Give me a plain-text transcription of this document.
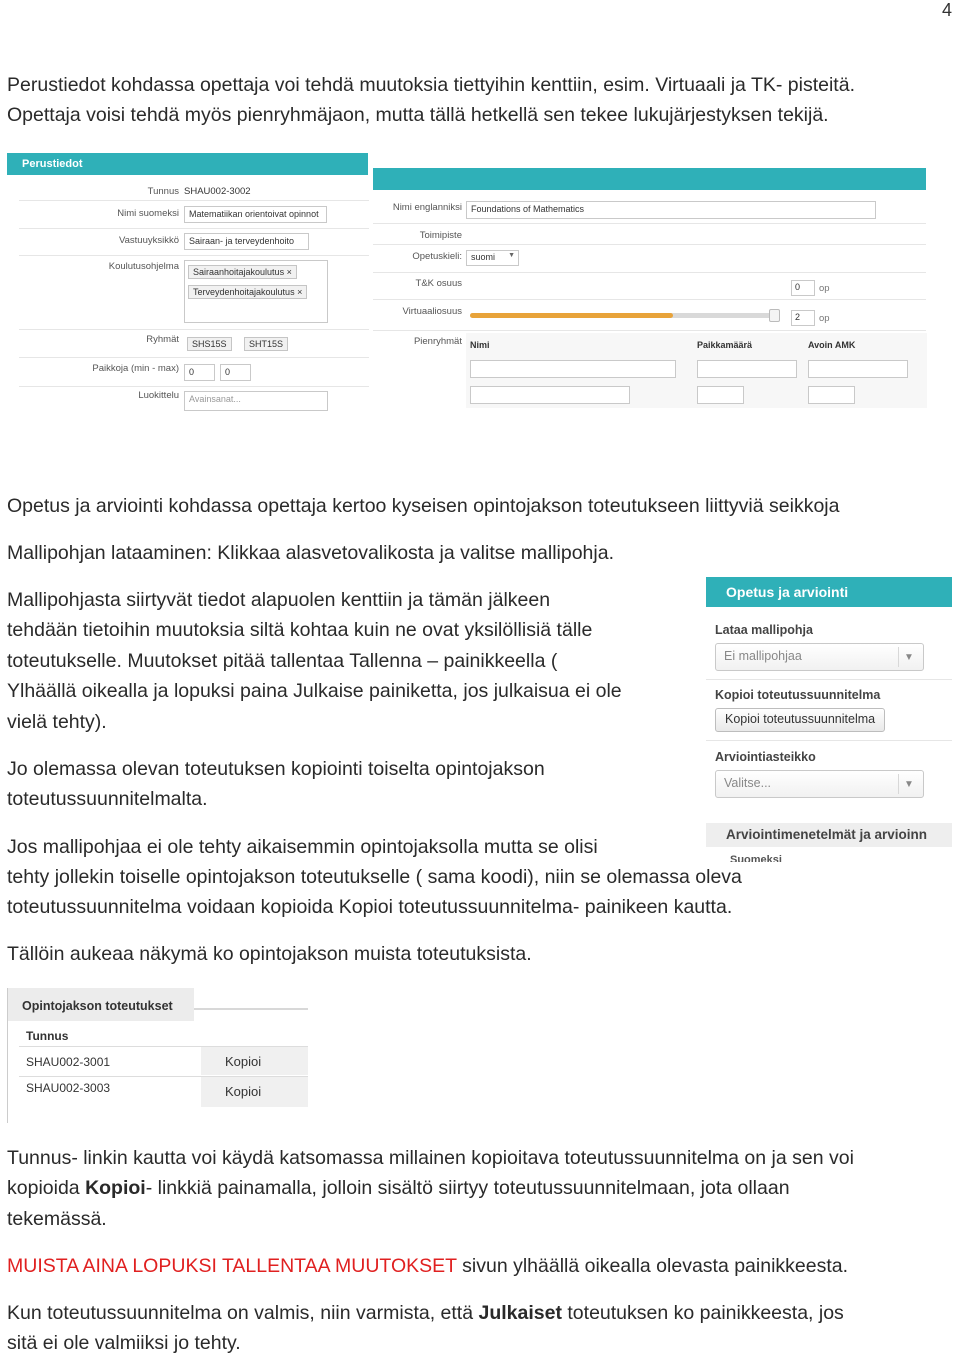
4
Perustiedot kohdassa opettaja voi tehdä muutoksia tiettyihin kenttiin, esim. Virtuaali ja TK- pisteitä.
Opettaja voisi tehdä myös pienryhmäjaon, mutta tällä hetkellä sen tekee lukujärjestyksen tekijä.
Perustiedot
Tunnus SHAU002-3002
Nimi suomeksi	Matematiikan orientoivat opinnot
Vastuuyksikkö	Sairaan- ja terveydenhoito
Koulutusohjelma	Sairaanhoitajakoulutus ×
Terveydenhoitajakoulutus ×
Ryhmät	SHS15S	SHT15S
Paikkoja (min - max)	0	0
Luokittelu	Avainsanat...
Nimi englanniksi	Foundations of Mathematics
Toimipiste
Opetuskieli:	suomi ▼
T&K osuus	0	op
Virtuaaliosuus	2	op
Pienryhmät Nimi	Paikkamäärä	Avoin AMK
Opetus ja arviointi kohdassa opettaja kertoo kyseisen opintojakson toteutukseen liittyviä seikkoja
Mallipohjan lataaminen: Klikkaa alasvetovalikosta ja valitse mallipohja.
Mallipohjasta siirtyvät tiedot alapuolen kenttiin ja tämän jälkeen
tehdään tietoihin muutoksia siltä kohtaa kuin ne ovat yksilöllisiä tälle
toteutukselle. Muutokset pitää tallentaa Tallenna – painikkeella (
Ylhäällä oikealla ja lopuksi paina Julkaise painiketta, jos julkaisua ei ole
vielä tehty).
Jo olemassa olevan toteutuksen kopiointi toiselta opintojakson
toteutussuunnitelmalta.
Opetus ja arviointi
Lataa mallipohja
Ei mallipohjaa	▼
Kopioi toteutussuunnitelma
Kopioi toteutussuunnitelma
Arviointiasteikko
Valitse...	▼
Arviointimenetelmät ja arvioinn
Suomeksi
Jos mallipohjaa ei ole tehty aikaisemmin opintojaksolla mutta se olisi
tehty jollekin toiselle opintojakson toteutukselle ( sama koodi), niin se olemassa oleva
toteutussuunnitelma voidaan kopioida Kopioi toteutussuunnitelma- painikeen kautta.
Tällöin aukeaa näkymä ko opintojakson muista toteutuksista.
Opintojakson toteutukset
Tunnus
SHAU002-3001	Kopioi
SHAU002-3003	Kopioi
Tunnus- linkin kautta voi käydä katsomassa millainen kopioitava toteutussuunnitelma on ja sen voi
kopioida Kopioi- linkkiä painamalla, jolloin sisältö siirtyy toteutussuunnitelmaan, jota ollaan
tekemässä.
MUISTA AINA LOPUKSI TALLENTAA MUUTOKSET sivun ylhäällä oikealla olevasta painikkeesta.
Kun toteutussuunnitelma on valmis, niin varmista, että Julkaiset toteutuksen ko painikkeesta, jos
sitä ei ole valmiiksi jo tehty.
